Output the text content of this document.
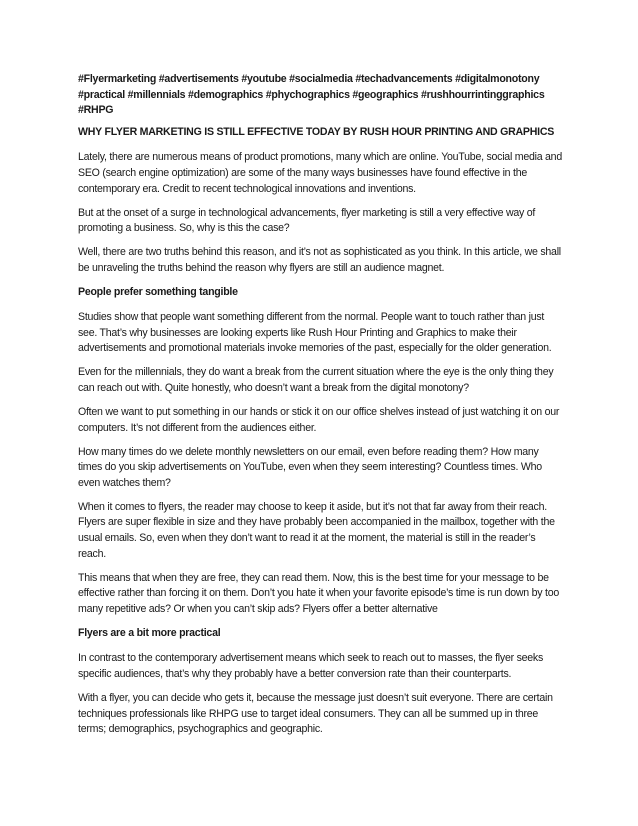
#Flyermarketing #advertisements #youtube #socialmedia #techadvancements #digitalmonotony #practical #millennials #demographics #phychographics #geographics #rushhourrintinggraphics #RHPG

WHY FLYER MARKETING IS STILL EFFECTIVE TODAY BY RUSH HOUR PRINTING AND GRAPHICS

Lately, there are numerous means of product promotions, many which are online. YouTube, social media and SEO (search engine optimization) are some of the many ways businesses have found effective in the contemporary era. Credit to recent technological innovations and inventions.

But at the onset of a surge in technological advancements, flyer marketing is still a very effective way of promoting a business. So, why is this the case?

Well, there are two truths behind this reason, and it’s not as sophisticated as you think. In this article, we shall be unraveling the truths behind the reason why flyers are still an audience magnet.

People prefer something tangible

Studies show that people want something different from the normal. People want to touch rather than just see. That’s why businesses are looking experts like Rush Hour Printing and Graphics to make their advertisements and promotional materials invoke memories of the past, especially for the older generation.

Even for the millennials, they do want a break from the current situation where the eye is the only thing they can reach out with. Quite honestly, who doesn’t want a break from the digital monotony?

Often we want to put something in our hands or stick it on our office shelves instead of just watching it on our computers. It’s not different from the audiences either.

How many times do we delete monthly newsletters on our email, even before reading them? How many times do you skip advertisements on YouTube, even when they seem interesting? Countless times. Who even watches them?

When it comes to flyers, the reader may choose to keep it aside, but it’s not that far away from their reach. Flyers are super flexible in size and they have probably been accompanied in the mailbox, together with the usual emails. So, even when they don’t want to read it at the moment, the material is still in the reader’s reach.

This means that when they are free, they can read them. Now, this is the best time for your message to be effective rather than forcing it on them. Don’t you hate it when your favorite episode’s time is run down by too many repetitive ads? Or when you can’t skip ads? Flyers offer a better alternative

Flyers are a bit more practical

In contrast to the contemporary advertisement means which seek to reach out to masses, the flyer seeks specific audiences, that’s why they probably have a better conversion rate than their counterparts.

With a flyer, you can decide who gets it, because the message just doesn’t suit everyone. There are certain techniques professionals like RHPG use to target ideal consumers. They can all be summed up in three terms; demographics, psychographics and geographic.
